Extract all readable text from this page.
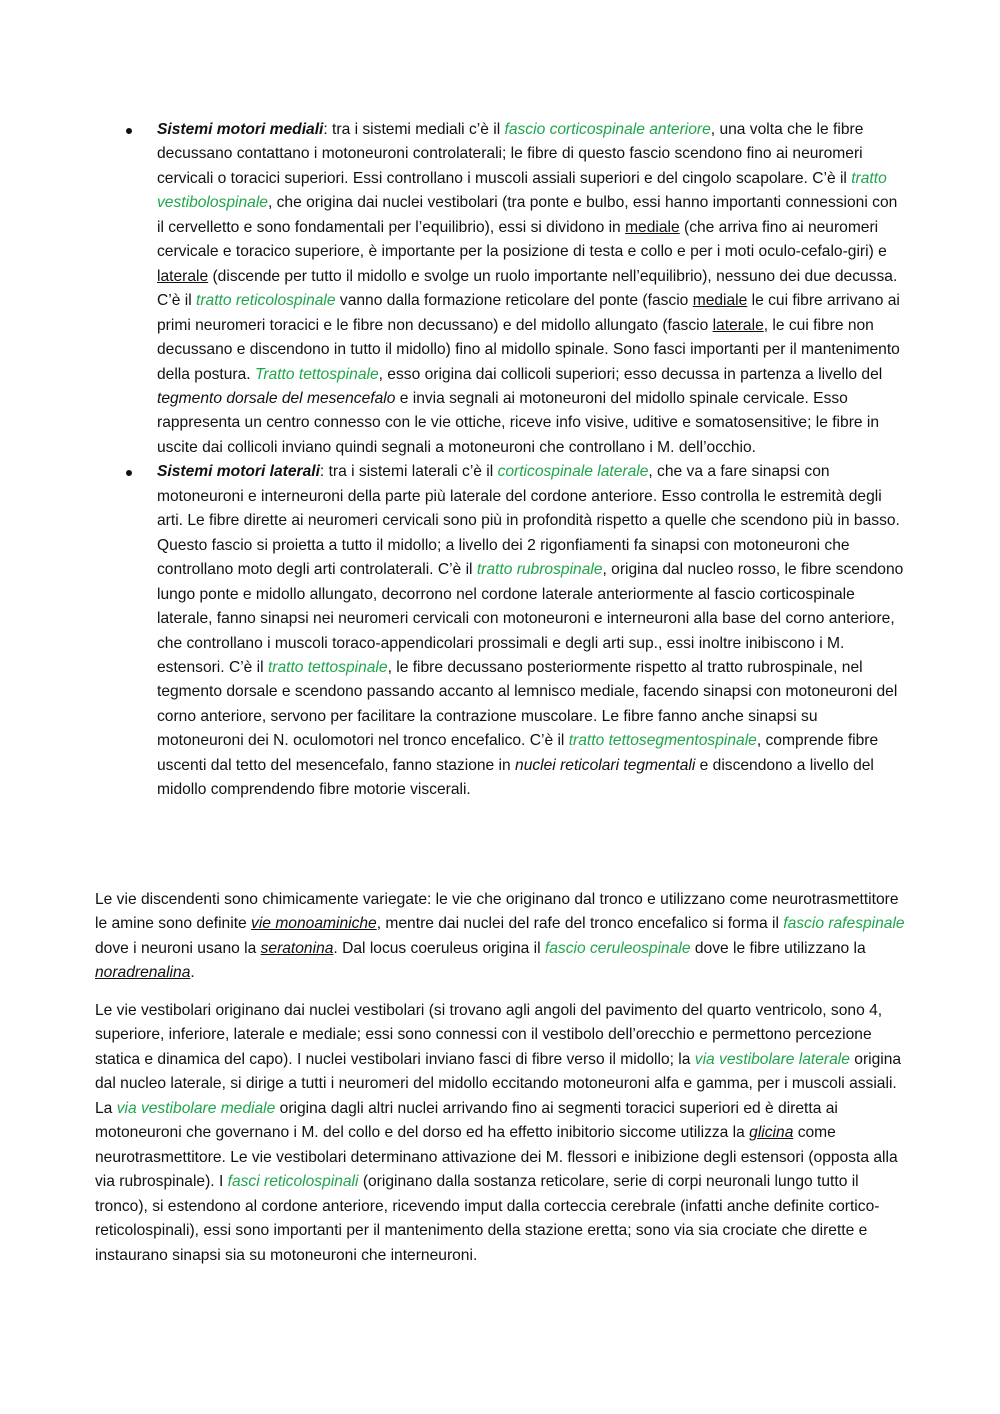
Sistemi motori mediali: tra i sistemi mediali c’è il fascio corticospinale anteriore, una volta che le fibre decussano contattano i motoneuroni controlaterali; le fibre di questo fascio scendono fino ai neuromeri cervicali o toracici superiori. Essi controllano i muscoli assiali superiori e del cingolo scapolare. C’è il tratto vestibolospinale, che origina dai nuclei vestibolari (tra ponte e bulbo, essi hanno importanti connessioni con il cervelletto e sono fondamentali per l’equilibrio), essi si dividono in mediale (che arriva fino ai neuromeri cervicale e toracico superiore, è importante per la posizione di testa e collo e per i moti oculo-cefalo-giri) e laterale (discende per tutto il midollo e svolge un ruolo importante nell’equilibrio), nessuno dei due decussa. C’è il tratto reticolospinale vanno dalla formazione reticolare del ponte (fascio mediale le cui fibre arrivano ai primi neuromeri toracici e le fibre non decussano) e del midollo allungato (fascio laterale, le cui fibre non decussano e discendono in tutto il midollo) fino al midollo spinale. Sono fasci importanti per il mantenimento della postura. Tratto tettospinale, esso origina dai collicoli superiori; esso decussa in partenza a livello del tegmento dorsale del mesencefalo e invia segnali ai motoneuroni del midollo spinale cervicale. Esso rappresenta un centro connesso con le vie ottiche, riceve info visive, uditive e somatosensitive; le fibre in uscite dai collicoli inviano quindi segnali a motoneuroni che controllano i M. dell’occhio.
Sistemi motori laterali: tra i sistemi laterali c’è il corticospinale laterale, che va a fare sinapsi con motoneuroni e interneuroni della parte più laterale del cordone anteriore. Esso controlla le estremità degli arti. Le fibre dirette ai neuromeri cervicali sono più in profondità rispetto a quelle che scendono più in basso. Questo fascio si proietta a tutto il midollo; a livello dei 2 rigonfiamenti fa sinapsi con motoneuroni che controllano moto degli arti controlaterali. C’è il tratto rubrospinale, origina dal nucleo rosso, le fibre scendono lungo ponte e midollo allungato, decorrono nel cordone laterale anteriormente al fascio corticospinale laterale, fanno sinapsi nei neuromeri cervicali con motoneuroni e interneuroni alla base del corno anteriore, che controllano i muscoli toraco-appendicolari prossimali e degli arti sup., essi inoltre inibiscono i M. estensori. C’è il tratto tettospinale, le fibre decussano posteriormente rispetto al tratto rubrospinale, nel tegmento dorsale e scendono passando accanto al lemnisco mediale, facendo sinapsi con motoneuroni del corno anteriore, servono per facilitare la contrazione muscolare. Le fibre fanno anche sinapsi su motoneuroni dei N. oculomotori nel tronco encefalico. C’è il tratto tettosegmentospinale, comprende fibre uscenti dal tetto del mesencefalo, fanno stazione in nuclei reticolari tegmentali e discendono a livello del midollo comprendendo fibre motorie viscerali.

Le vie discendenti sono chimicamente variegate: le vie che originano dal tronco e utilizzano come neurotrasmettitore le amine sono definite vie monoaminiche, mentre dai nuclei del rafe del tronco encefalico si forma il fascio rafespinale dove i neuroni usano la seratonina. Dal locus coeruleus origina il fascio ceruleospinale dove le fibre utilizzano la noradrenalina.

Le vie vestibolari originano dai nuclei vestibolari (si trovano agli angoli del pavimento del quarto ventricolo, sono 4, superiore, inferiore, laterale e mediale; essi sono connessi con il vestibolo dell’orecchio e permettono percezione statica e dinamica del capo). I nuclei vestibolari inviano fasci di fibre verso il midollo; la via vestibolare laterale origina dal nucleo laterale, si dirige a tutti i neuromeri del midollo eccitando motoneuroni alfa e gamma, per i muscoli assiali. La via vestibolare mediale origina dagli altri nuclei arrivando fino ai segmenti toracici superiori ed è diretta ai motoneuroni che governano i M. del collo e del dorso ed ha effetto inibitorio siccome utilizza la glicina come neurotrasmettitore. Le vie vestibolari determinano attivazione dei M. flessori e inibizione degli estensori (opposta alla via rubrospinale). I fasci reticolospinali (originano dalla sostanza reticolare, serie di corpi neuronali lungo tutto il tronco), si estendono al cordone anteriore, ricevendo imput dalla corteccia cerebrale (infatti anche definite cortico-reticolospinali), essi sono importanti per il mantenimento della stazione eretta; sono via sia crociate che dirette e instaurano sinapsi sia su motoneuroni che interneuroni.
